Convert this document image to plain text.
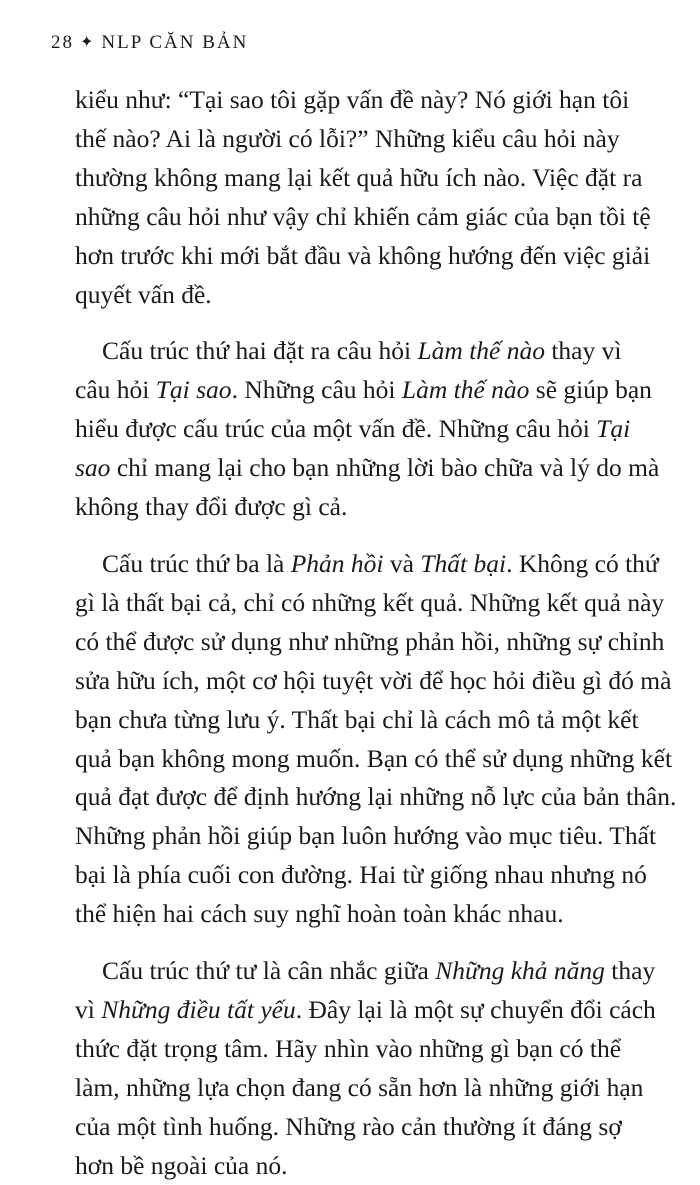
28 ✦ NLP CĂN BẢN

kiểu như: “Tại sao tôi gặp vấn đề này? Nó giới hạn tôi
thế nào? Ai là người có lỗi?” Những kiểu câu hỏi này
thường không mang lại kết quả hữu ích nào. Việc đặt ra
những câu hỏi như vậy chỉ khiến cảm giác của bạn tồi tệ
hơn trước khi mới bắt đầu và không hướng đến việc giải
quyết vấn đề.

Cấu trúc thứ hai đặt ra câu hỏi Làm thế nào thay vì
câu hỏi Tại sao. Những câu hỏi Làm thế nào sẽ giúp bạn
hiểu được cấu trúc của một vấn đề. Những câu hỏi Tại
sao chỉ mang lại cho bạn những lời bào chữa và lý do mà
không thay đổi được gì cả.

Cấu trúc thứ ba là Phản hồi và Thất bại. Không có thứ
gì là thất bại cả, chỉ có những kết quả. Những kết quả này
có thể được sử dụng như những phản hồi, những sự chỉnh
sửa hữu ích, một cơ hội tuyệt vời để học hỏi điều gì đó mà
bạn chưa từng lưu ý. Thất bại chỉ là cách mô tả một kết
quả bạn không mong muốn. Bạn có thể sử dụng những kết
quả đạt được để định hướng lại những nỗ lực của bản thân.
Những phản hồi giúp bạn luôn hướng vào mục tiêu. Thất
bại là phía cuối con đường. Hai từ giống nhau nhưng nó
thể hiện hai cách suy nghĩ hoàn toàn khác nhau.

Cấu trúc thứ tư là cân nhắc giữa Những khả năng thay
vì Những điều tất yếu. Đây lại là một sự chuyển đổi cách
thức đặt trọng tâm. Hãy nhìn vào những gì bạn có thể
làm, những lựa chọn đang có sẵn hơn là những giới hạn
của một tình huống. Những rào cản thường ít đáng sợ
hơn bề ngoài của nó.
